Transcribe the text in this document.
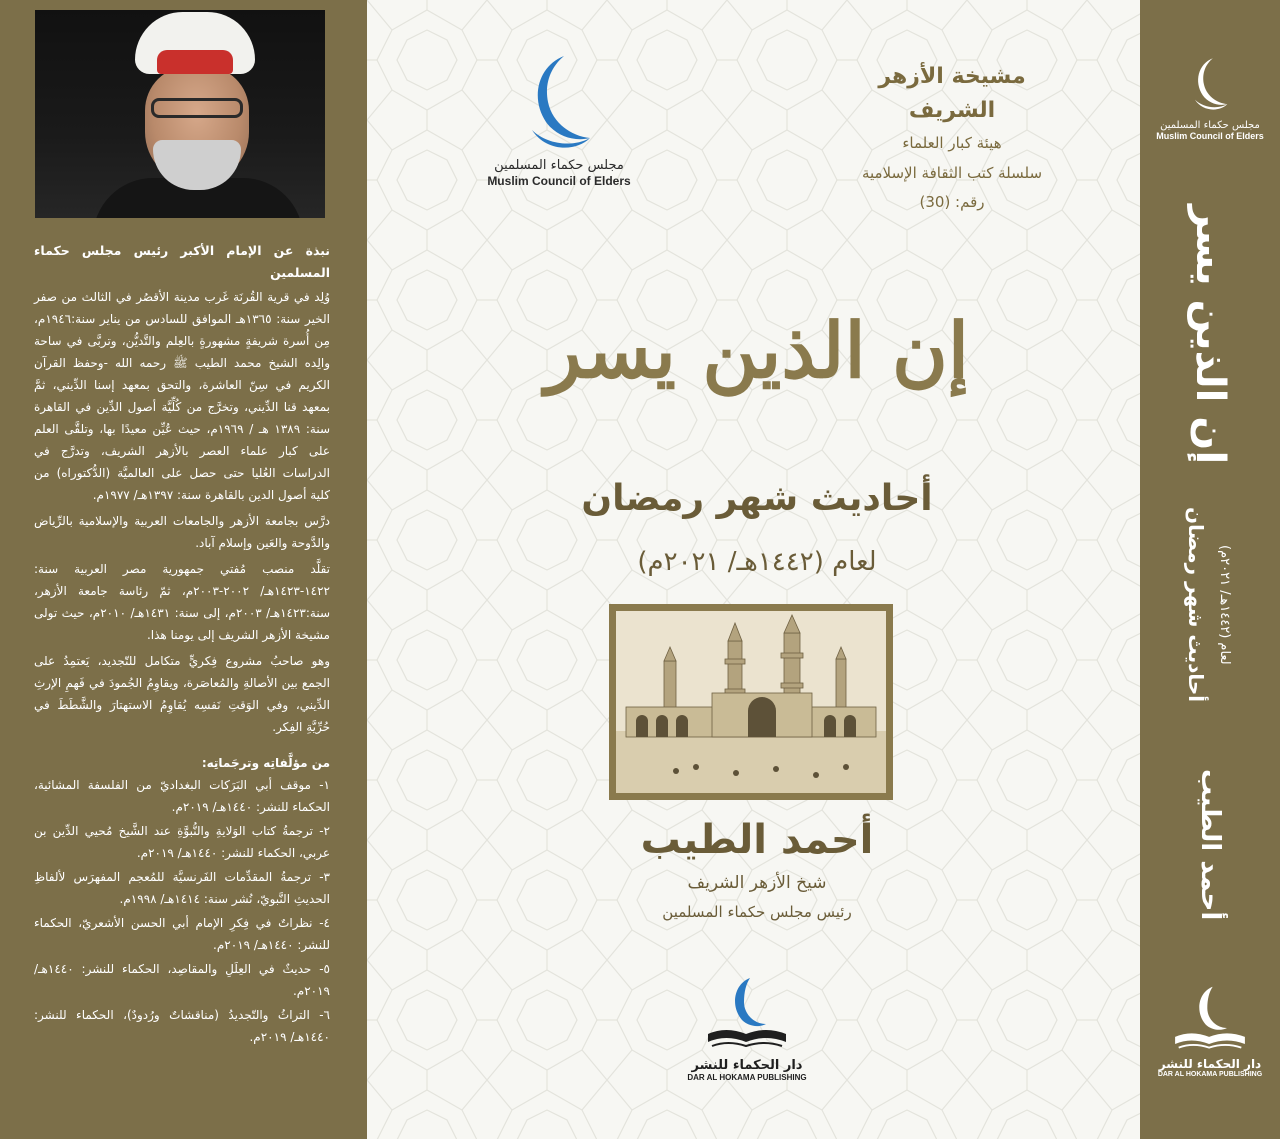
نبذة عن الإمام الأكبر رئيس مجلس حكماء المسلمين

وُلِد في قرية القُرنَة غَرب مدينة الأقصُر في الثالث من صفر الخير سنة: ١٣٦٥هـ الموافق للسادس من يناير سنة:١٩٤٦م، مِن أُسرة شريفةٍ مشهورةٍ بالعِلم والتَّديُّن، وتربَّى في ساحة والِده الشيخ محمد الطيب ﷺ رحمه الله -وحفظ القرآن الكريم في سِنّ العاشرة، والتحق بمعهد إسنا الدِّيني، ثمَّ بمعهد قنا الدِّيني، وتخرَّج من كُلِّيَّة أصول الدِّين في القاهرة سنة: ١٣٨٩ هـ / ١٩٦٩م، حيث عُيِّن معيدًا بها، وتلقَّى العلم على كبار علماء العصر بالأزهر الشريف، وتدرَّج في الدراسات العُليا حتى حصل على العالميَّة (الدُّكتوراه) من كلية أصول الدين بالقاهرة سنة: ١٣٩٧هـ/ ١٩٧٧م.

درَّس بجامعة الأزهر والجامعات العربية والإسلامية بالرِّياض والدَّوحة والعَين وإسلام آباد.

تقلَّد منصب مُفتي جمهورية مصر العربية سنة: ١٤٢٢-١٤٢٣هـ/ ٢٠٠٢-٢٠٠٣م، ثمّ رئاسة جامعة الأزهر، سنة:١٤٢٣هـ/ ٢٠٠٣م، إلى سنة: ١٤٣١هـ/ ٢٠١٠م، حيث تولى مشيخة الأزهر الشريف إلى يومنا هذا.

وهو صاحبُ مشروع فِكريٍّ متكامل للتّجديد، يَعتمِدُ على الجمع بين الأصالةِ والمُعاصَرة، ويقاوِمُ الجُمودَ في فَهمِ الإرثِ الدِّيني، وفي الوَقتِ نَفسِه يُقاوِمُ الاستهتارَ والشَّطَطَ في حُرِّيَّةِ الفِكر.

من مؤلَّفاتِه وترجَماتِه:
١- موقف أبي البَرَكات البغداديّ من الفلسفة المشائية، الحكماء للنشر: ١٤٤٠هـ/ ٢٠١٩م.
٢- ترجمةُ كتاب الوَلايةِ والنُّبوَّةِ عند الشَّيخ مُحيي الدِّين بن عربي، الحكماء للنشر: ١٤٤٠هـ/ ٢٠١٩م.
٣- ترجمةُ المقدِّمات الفَرنسيَّة للمُعجم المفهرَس لألفاظِ الحديثِ النَّبويّ، نُشر سنة: ١٤١٤هـ/ ١٩٩٨م.
٤- نظراتٌ في فِكرِ الإمام أبي الحسن الأشعريّ، الحكماء للنشر: ١٤٤٠هـ/ ٢٠١٩م.
٥- حديثٌ في العِلَلِ والمقاصِد، الحكماء للنشر: ١٤٤٠هـ/ ٢٠١٩م.
٦- التراثُ والتّجديدُ (مناقشاتٌ ورُدودٌ)، الحكماء للنشر: ١٤٤٠هـ/ ٢٠١٩م.
مجلس حكماء المسلمين
Muslim Council of Elders
مشيخة الأزهر الشريف
هيئة كبار العلماء
سلسلة كتب الثقافة الإسلامية
رقم: (30)
إن الذين يسر
أحاديث شهر رمضان
لعام (١٤٤٢هـ/ ٢٠٢١م)
أحمد الطيب
شيخ الأزهر الشريف
رئيس مجلس حكماء المسلمين
دار الحكماء للنشر
DAR AL HOKAMA PUBLISHING
مجلس حكماء المسلمين
Muslim Council of Elders
إن الذين يسر
أحاديث شهر رمضان لعام (١٤٤٢هـ/ ٢٠٢١م)
أحمد الطيب
دار الحكماء للنشر
DAR AL HOKAMA PUBLISHING
